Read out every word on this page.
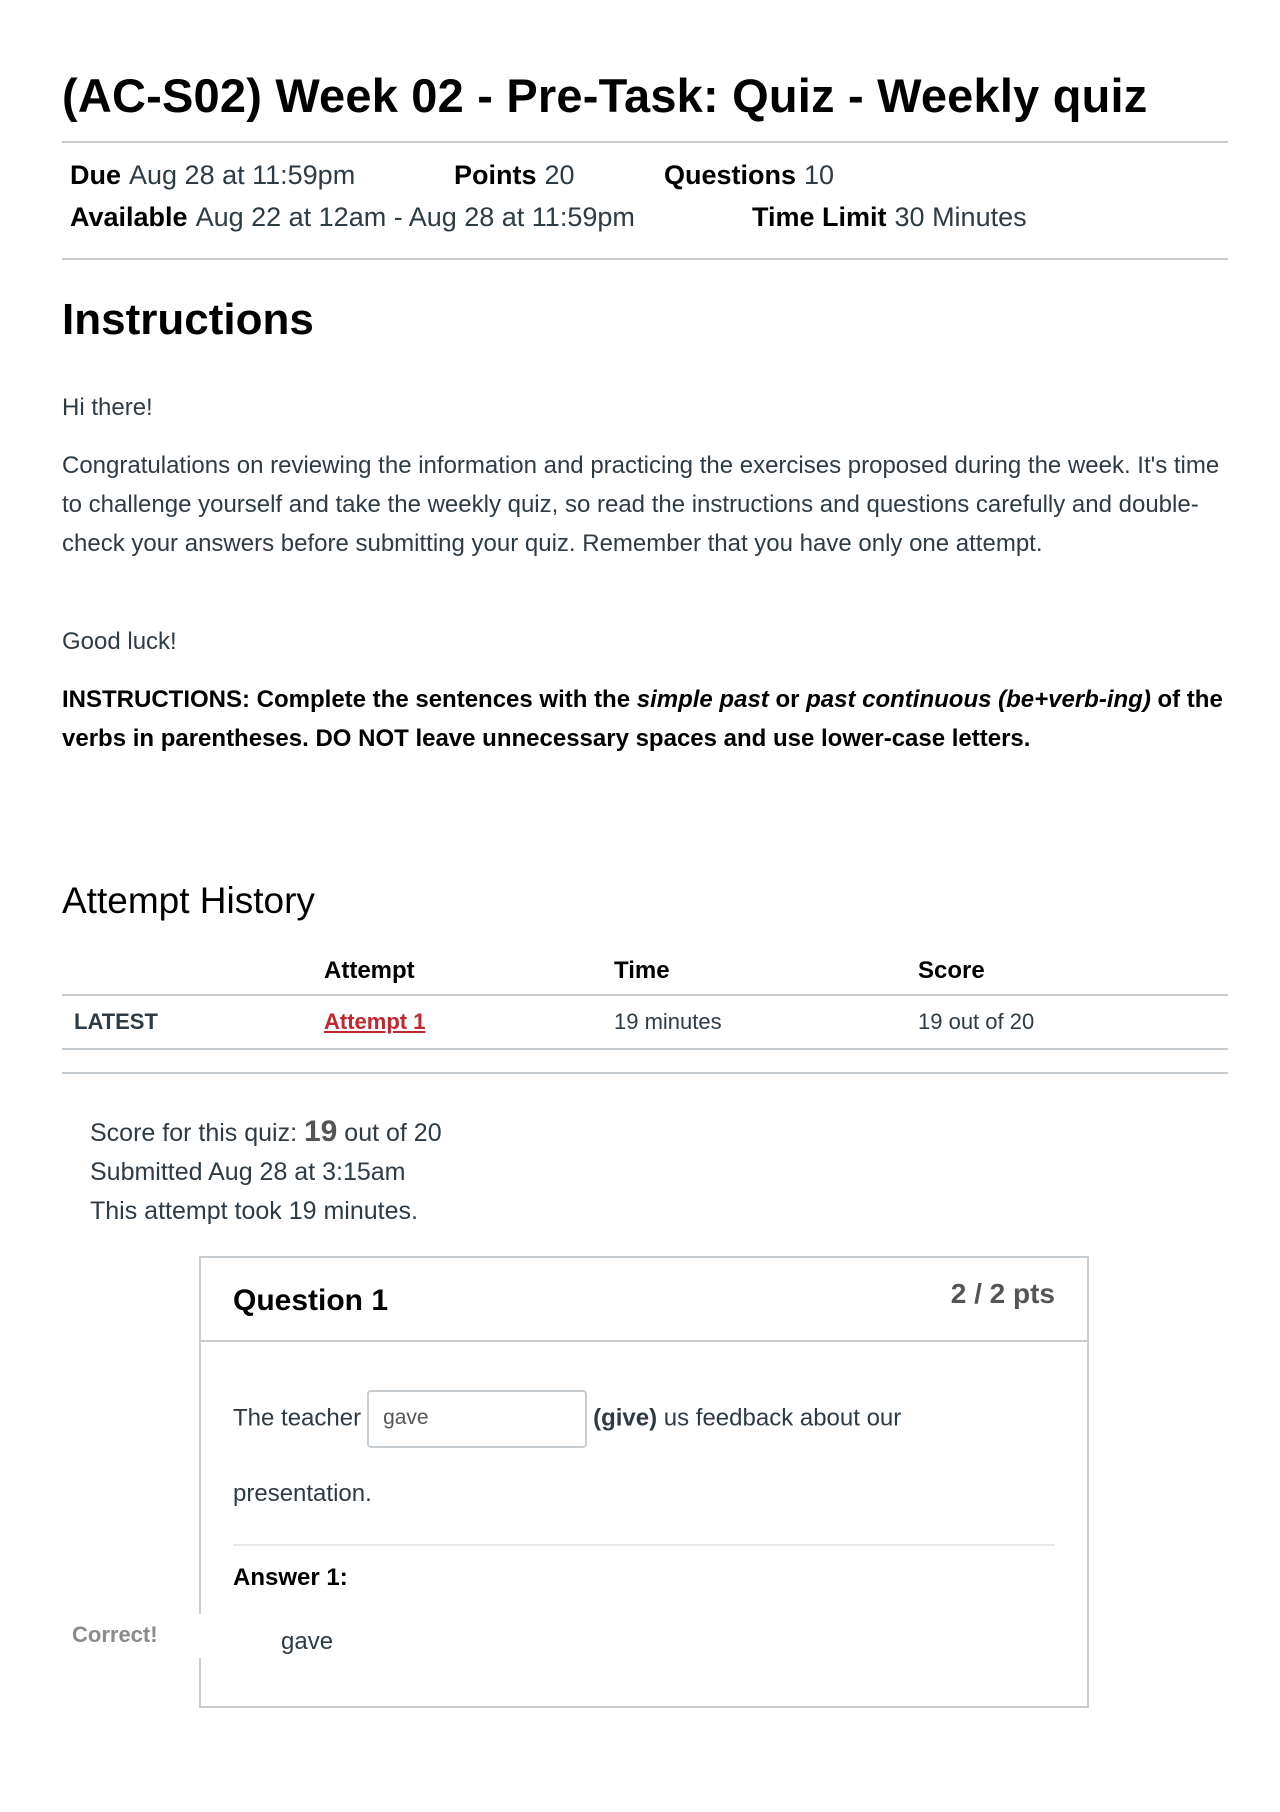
(AC-S02) Week 02 - Pre-Task: Quiz - Weekly quiz
Due Aug 28 at 11:59pm	Points 20	Questions 10
Available Aug 22 at 12am - Aug 28 at 11:59pm	Time Limit 30 Minutes
Instructions

Hi there!

Congratulations on reviewing the information and practicing the exercises proposed during the week. It's time to challenge yourself and take the weekly quiz, so read the instructions and questions carefully and double-check your answers before submitting your quiz. Remember that you have only one attempt.

Good luck!

INSTRUCTIONS: Complete the sentences with the simple past or past continuous (be+verb-ing) of the verbs in parentheses. DO NOT leave unnecessary spaces and use lower-case letters.

Attempt History
	Attempt	Time	Score
LATEST	Attempt 1	19 minutes	19 out of 20
Score for this quiz: 19 out of 20
Submitted Aug 28 at 3:15am
This attempt took 19 minutes.
Question 1	2 / 2 pts
The teacher gave	(give) us feedback about our
presentation.
Answer 1:
gave
Correct!
